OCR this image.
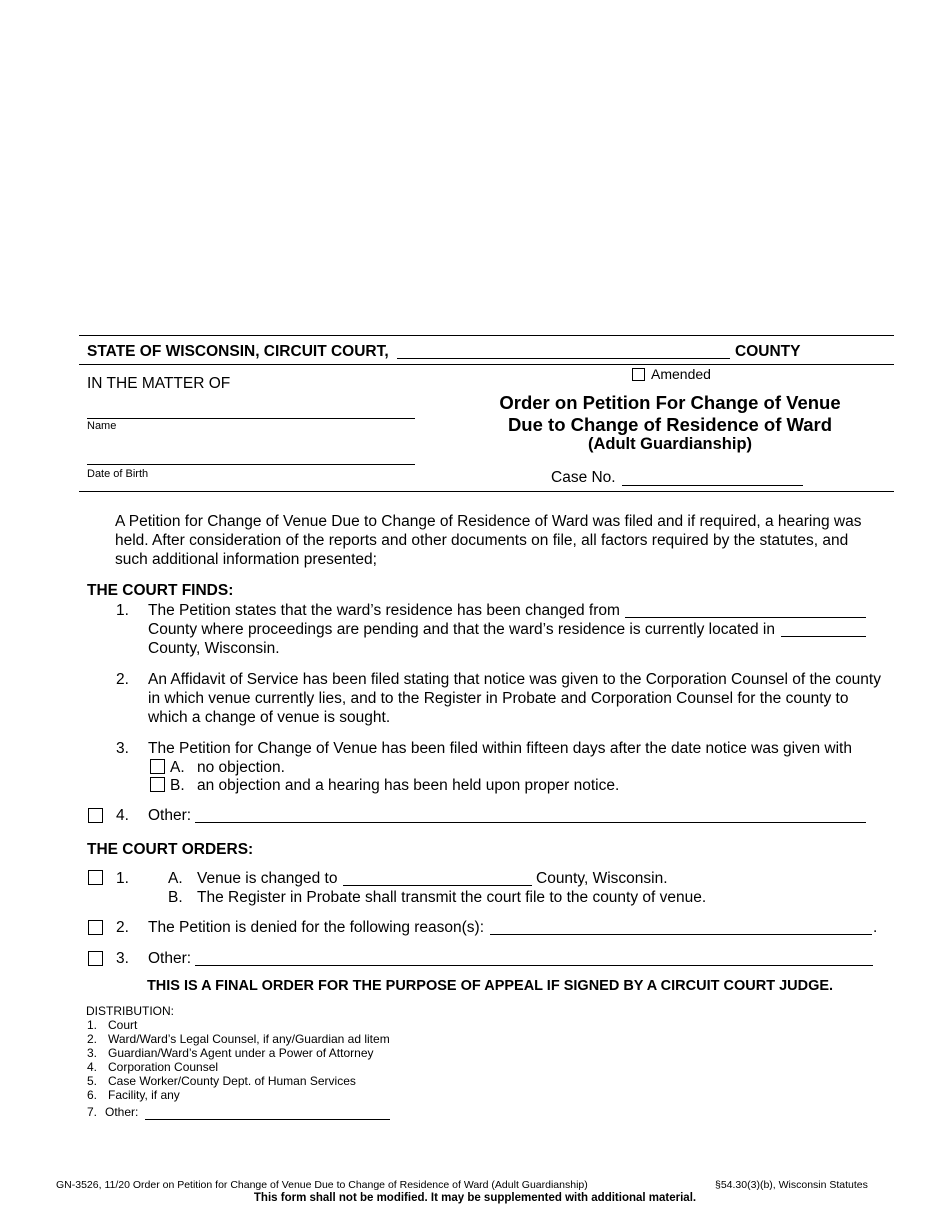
STATE OF WISCONSIN, CIRCUIT COURT,	COUNTY
IN THE MATTER OF
Name
Date of Birth
Amended
Order on Petition For Change of Venue
Due to Change of Residence of Ward
(Adult Guardianship)
Case No.
A Petition for Change of Venue Due to Change of Residence of Ward was filed and if required, a hearing was
held. After consideration of the reports and other documents on file, all factors required by the statutes, and
such additional information presented;
THE COURT FINDS:
1. The Petition states that the ward’s residence has been changed from
County where proceedings are pending and that the ward’s residence is currently located in
County, Wisconsin.
2. An Affidavit of Service has been filed stating that notice was given to the Corporation Counsel of the county
in which venue currently lies, and to the Register in Probate and Corporation Counsel for the county to
which a change of venue is sought.
3. The Petition for Change of Venue has been filed within fifteen days after the date notice was given with
A. no objection.
B. an objection and a hearing has been held upon proper notice.
4. Other:
THE COURT ORDERS:
1.	A. Venue is changed to	County, Wisconsin.
B. The Register in Probate shall transmit the court file to the county of venue.
2. The Petition is denied for the following reason(s):	.
3. Other:
THIS IS A FINAL ORDER FOR THE PURPOSE OF APPEAL IF SIGNED BY A CIRCUIT COURT JUDGE.
DISTRIBUTION:
1. Court
2. Ward/Ward’s Legal Counsel, if any/Guardian ad litem
3. Guardian/Ward’s Agent under a Power of Attorney
4. Corporation Counsel
5. Case Worker/County Dept. of Human Services
6. Facility, if any
7. Other:
GN-3526, 11/20 Order on Petition for Change of Venue Due to Change of Residence of Ward (Adult Guardianship)	§54.30(3)(b), Wisconsin Statutes
This form shall not be modified. It may be supplemented with additional material.
